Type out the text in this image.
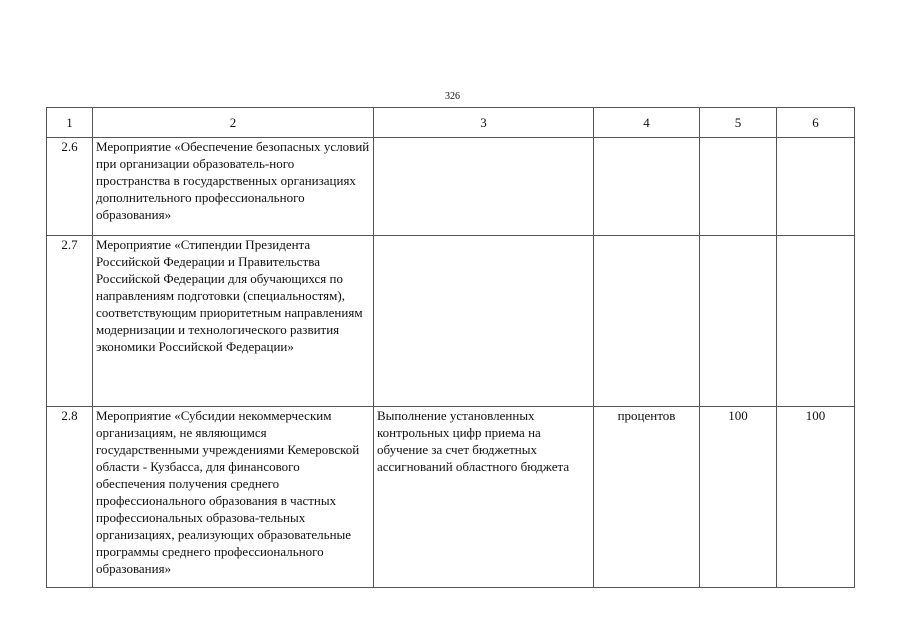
326
1	2	3	4	5	6
2.6	Мероприятие «Обеспечение безопасных условий при организации образователь-ного пространства в государственных организациях дополнительного профессионального образования»				
2.7	Мероприятие «Стипендии Президента Российской Федерации и Правительства Российской Федерации для обучающихся по направлениям подготовки (специальностям), соответствующим приоритетным направлениям модернизации и технологического развития экономики Российской Федерации»				
2.8	Мероприятие «Субсидии некоммерческим организациям, не являющимся государственными учреждениями Кемеровской области - Кузбасса, для финансового обеспечения получения среднего профессионального образования в частных профессиональных образова-тельных организациях, реализующих образовательные программы среднего профессионального образования»	Выполнение установленных контрольных цифр приема на обучение за счет бюджетных ассигнований областного бюджета	процентов	100	100
